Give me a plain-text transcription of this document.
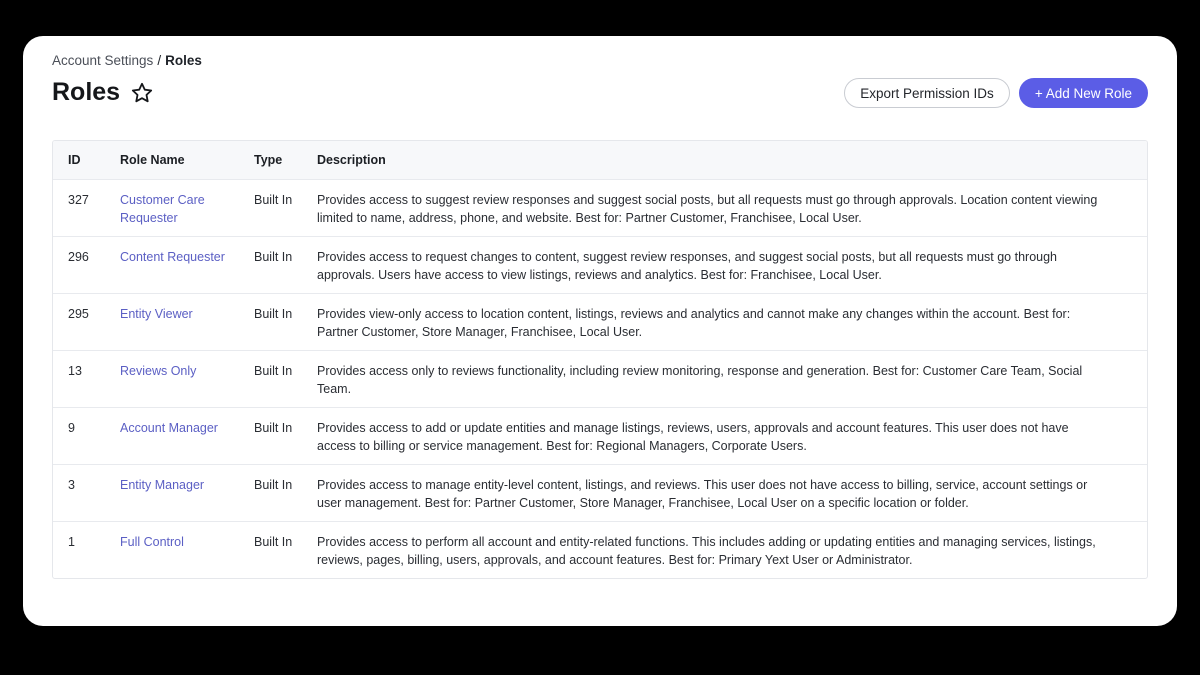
Account Settings / Roles
Roles	Export Permission IDs	+ Add New Role
ID	Role Name	Type	Description
327	Customer Care Requester	Built In	Provides access to suggest review responses and suggest social posts, but all requests must go through approvals. Location content viewing limited to name, address, phone, and website. Best for: Partner Customer, Franchisee, Local User.
296	Content Requester	Built In	Provides access to request changes to content, suggest review responses, and suggest social posts, but all requests must go through approvals. Users have access to view listings, reviews and analytics. Best for: Franchisee, Local User.
295	Entity Viewer	Built In	Provides view-only access to location content, listings, reviews and analytics and cannot make any changes within the account. Best for: Partner Customer, Store Manager, Franchisee, Local User.
13	Reviews Only	Built In	Provides access only to reviews functionality, including review monitoring, response and generation. Best for: Customer Care Team, Social Team.
9	Account Manager	Built In	Provides access to add or update entities and manage listings, reviews, users, approvals and account features. This user does not have access to billing or service management. Best for: Regional Managers, Corporate Users.
3	Entity Manager	Built In	Provides access to manage entity-level content, listings, and reviews. This user does not have access to billing, service, account settings or user management. Best for: Partner Customer, Store Manager, Franchisee, Local User on a specific location or folder.
1	Full Control	Built In	Provides access to perform all account and entity-related functions. This includes adding or updating entities and managing services, listings, reviews, pages, billing, users, approvals, and account features. Best for: Primary Yext User or Administrator.
